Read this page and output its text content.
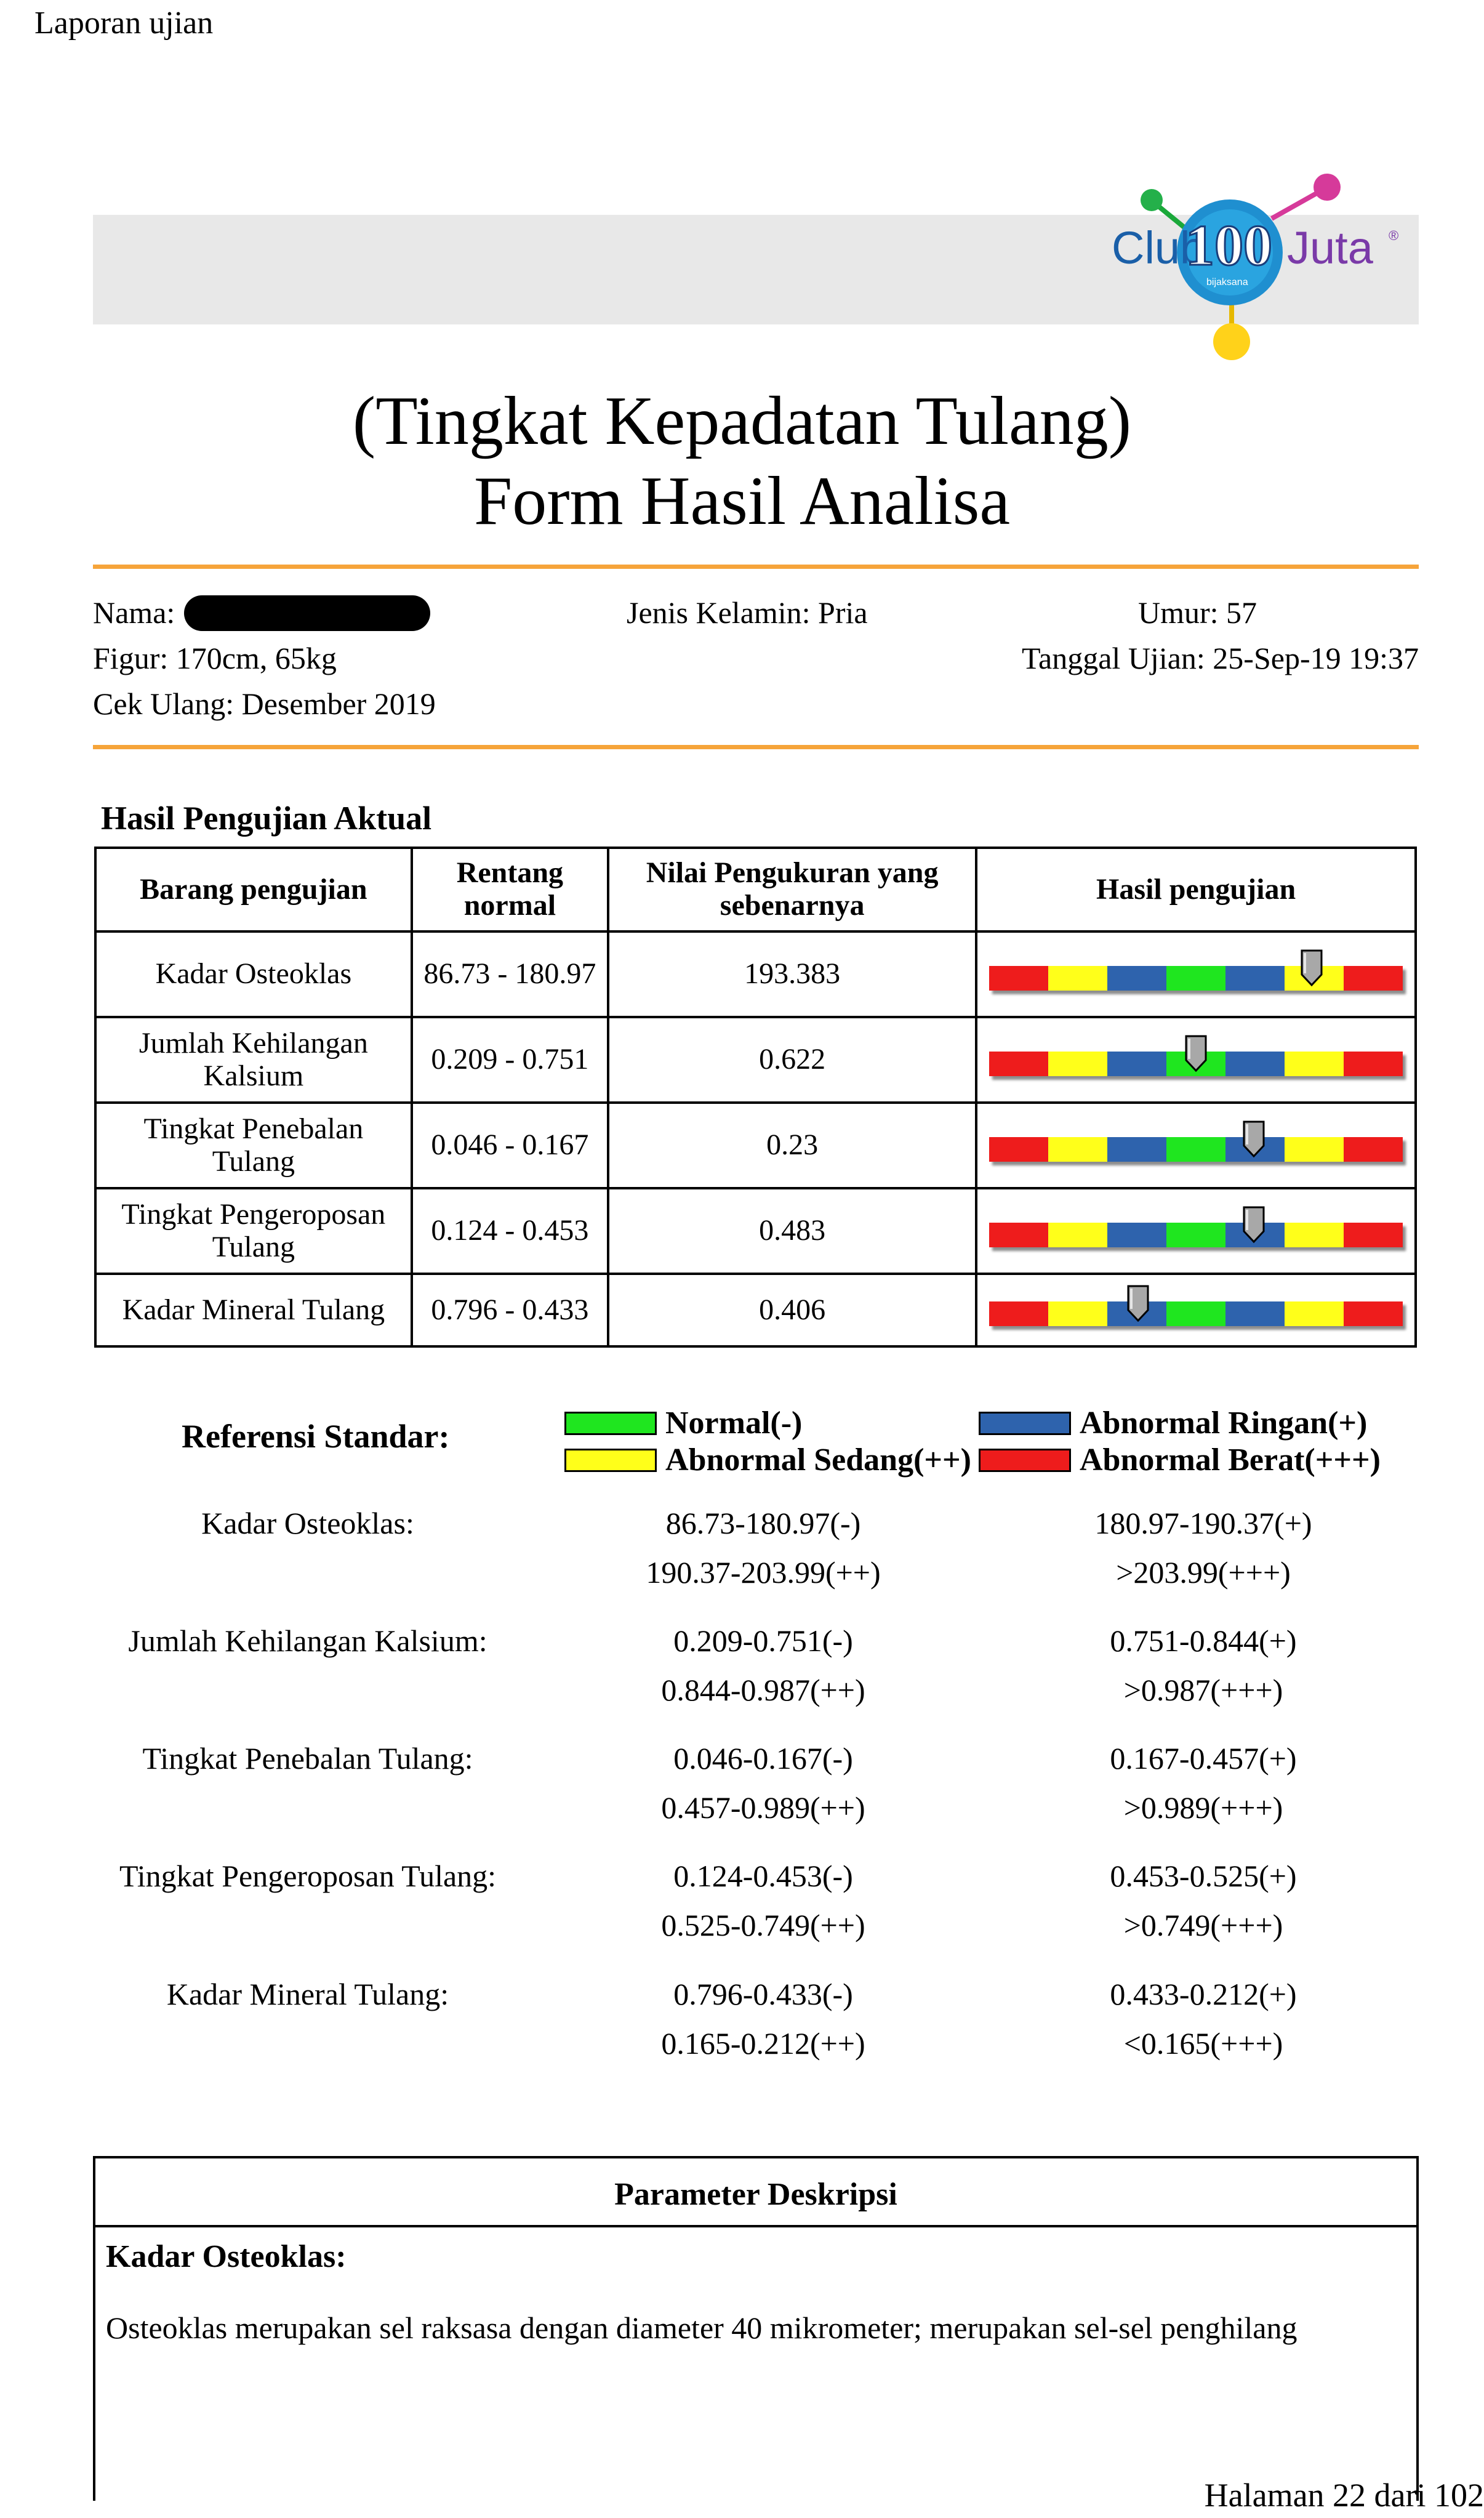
Laporan ujian
Club
100 Juta ®
bijaksana
(Tingkat Kepadatan Tulang)
Form Hasil Analisa
Nama:	Jenis Kelamin: Pria	Umur: 57
Figur: 170cm, 65kg	Tanggal Ujian: 25-Sep-19 19:37
Cek Ulang: Desember 2019
Hasil Pengujian Aktual
Barang pengujian	Rentang normal	Nilai Pengukuran yang sebenarnya	Hasil pengujian
Kadar Osteoklas	86.73 - 180.97	193.383	

Jumlah Kehilangan Kalsium	0.209 - 0.751	0.622	

Tingkat Penebalan Tulang	0.046 - 0.167	0.23	

Tingkat Pengeroposan Tulang	0.124 - 0.453	0.483	

Kadar Mineral Tulang	0.796 - 0.433	0.406	
Referensi Standar:	Normal(-)	Abnormal Ringan(+)
Abnormal Sedang(++)	Abnormal Berat(+++)
Kadar Osteoklas:	86.73-180.97(-)	180.97-190.37(+)
190.37-203.99(++)	>203.99(+++)
Jumlah Kehilangan Kalsium:	0.209-0.751(-)	0.751-0.844(+)
0.844-0.987(++)	>0.987(+++)
Tingkat Penebalan Tulang:	0.046-0.167(-)	0.167-0.457(+)
0.457-0.989(++)	>0.989(+++)
Tingkat Pengeroposan Tulang:	0.124-0.453(-)	0.453-0.525(+)
0.525-0.749(++)	>0.749(+++)
Kadar Mineral Tulang:	0.796-0.433(-)	0.433-0.212(+)
0.165-0.212(++)	<0.165(+++)
Parameter Deskripsi
Kadar Osteoklas:
Osteoklas merupakan sel raksasa dengan diameter 40 mikrometer; merupakan sel-sel penghilang
Halaman 22 dari 102
